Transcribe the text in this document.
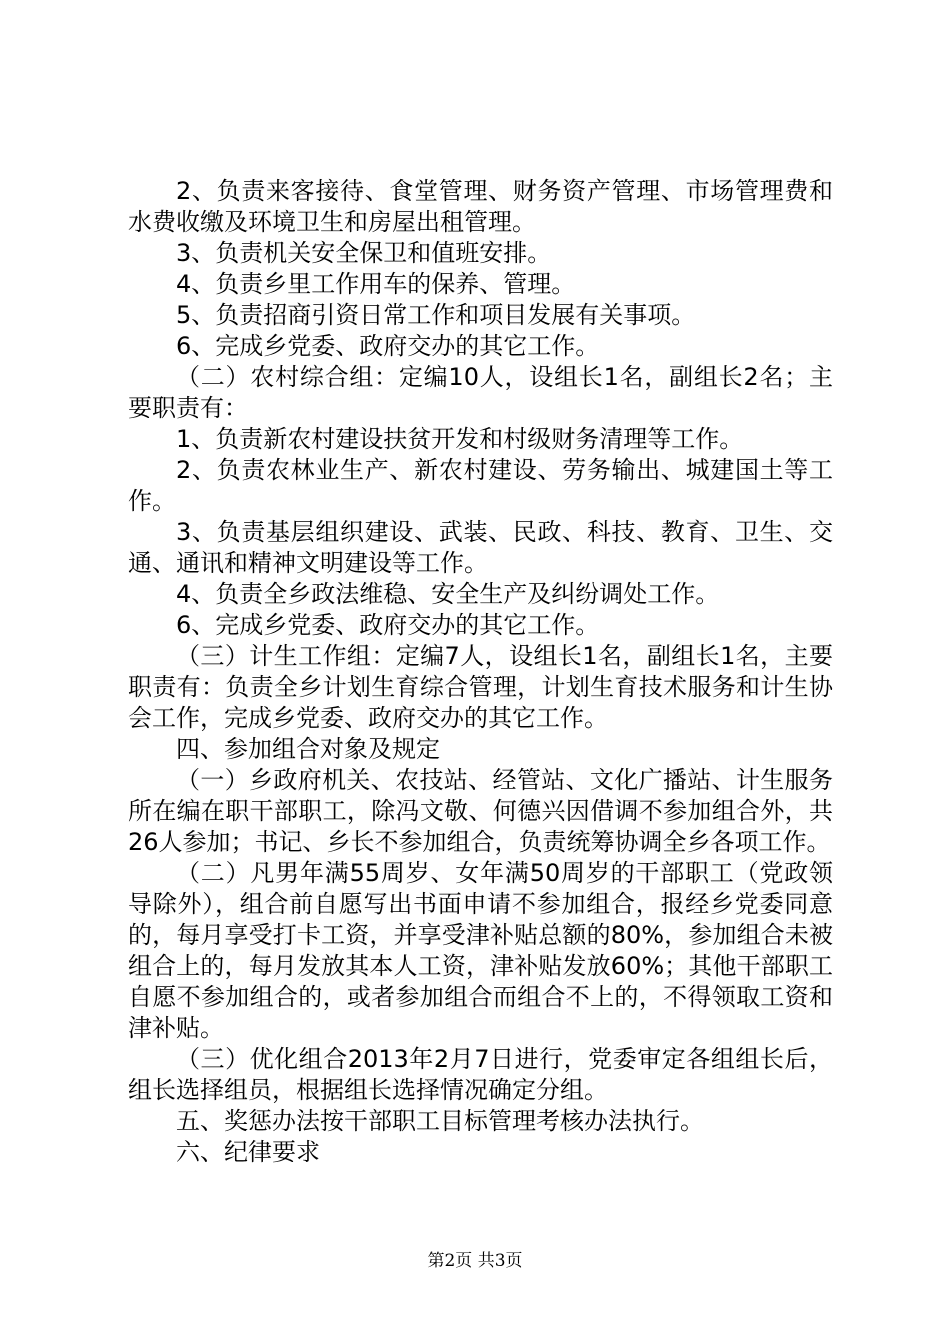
2、负责来客接待、食堂管理、财务资产管理、市场管理费和水费收缴及环境卫生和房屋出租管理。

3、负责机关安全保卫和值班安排。

4、负责乡里工作用车的保养、管理。

5、负责招商引资日常工作和项目发展有关事项。

6、完成乡党委、政府交办的其它工作。

（二）农村综合组：定编10人，设组长1名，副组长2名；主要职责有：

1、负责新农村建设扶贫开发和村级财务清理等工作。

2、负责农林业生产、新农村建设、劳务输出、城建国土等工作。

3、负责基层组织建设、武装、民政、科技、教育、卫生、交通、通讯和精神文明建设等工作。

4、负责全乡政法维稳、安全生产及纠纷调处工作。

6、完成乡党委、政府交办的其它工作。

（三）计生工作组：定编7人，设组长1名，副组长1名，主要职责有：负责全乡计划生育综合管理，计划生育技术服务和计生协会工作，完成乡党委、政府交办的其它工作。

四、参加组合对象及规定

（一）乡政府机关、农技站、经管站、文化广播站、计生服务所在编在职干部职工，除冯文敬、何德兴因借调不参加组合外，共26人参加；书记、乡长不参加组合，负责统筹协调全乡各项工作。

（二）凡男年满55周岁、女年满50周岁的干部职工（党政领导除外），组合前自愿写出书面申请不参加组合，报经乡党委同意的，每月享受打卡工资，并享受津补贴总额的80%，参加组合未被组合上的，每月发放其本人工资，津补贴发放60%；其他干部职工自愿不参加组合的，或者参加组合而组合不上的，不得领取工资和津补贴。

（三）优化组合2013年2月7日进行，党委审定各组组长后，组长选择组员，根据组长选择情况确定分组。

五、奖惩办法按干部职工目标管理考核办法执行。

六、纪律要求

第2页 共3页
